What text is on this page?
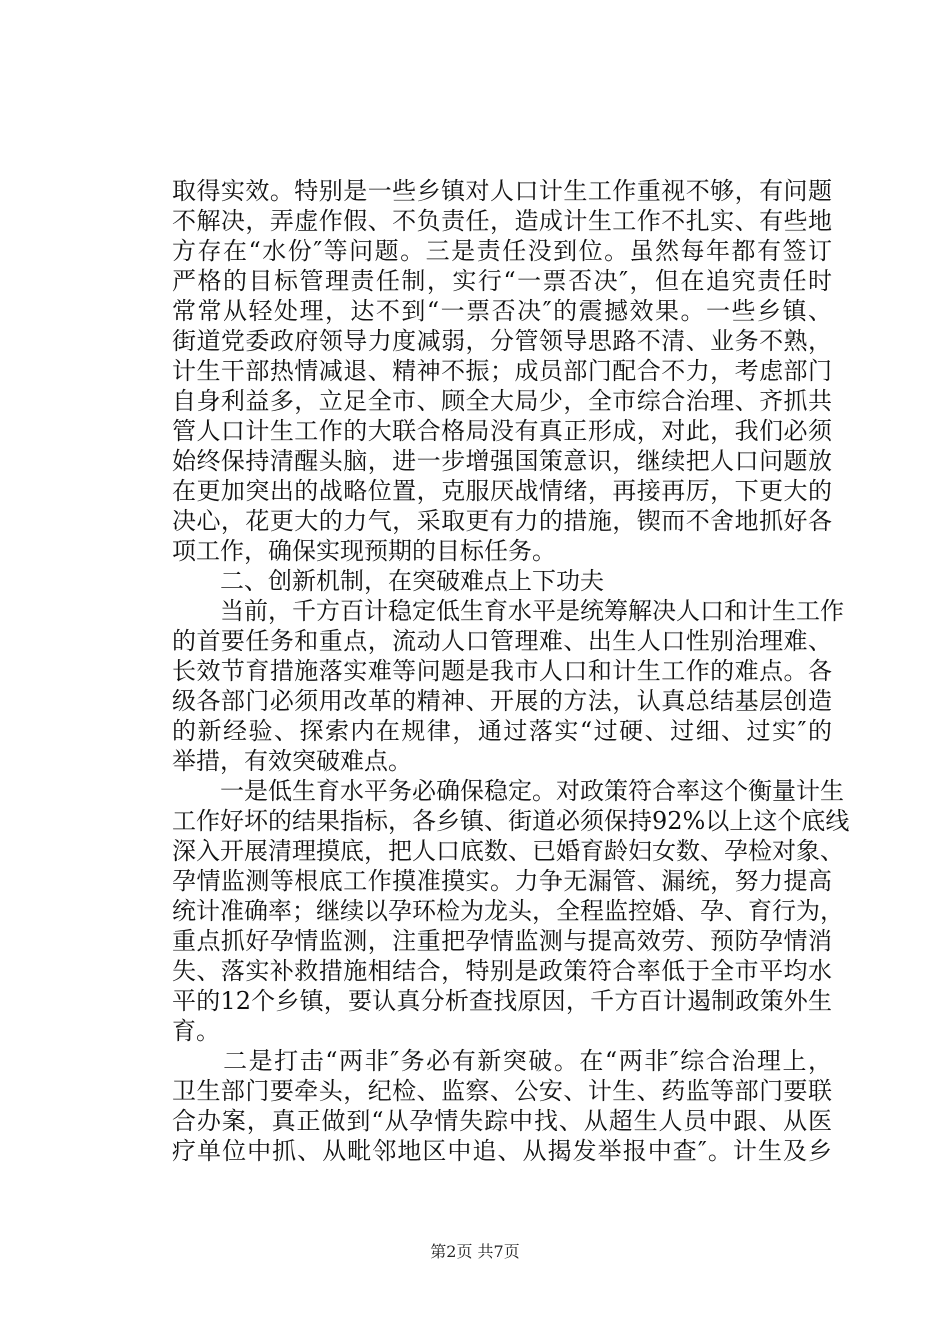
取得实效。特别是一些乡镇对人口计生工作重视不够，有问题
不解决，弄虚作假、不负责任，造成计生工作不扎实、有些地
方存在“水份″等问题。三是责任没到位。虽然每年都有签订
严格的目标管理责任制，实行“一票否决″，但在追究责任时
常常从轻处理，达不到“一票否决″的震撼效果。一些乡镇、
街道党委政府领导力度减弱，分管领导思路不清、业务不熟，
计生干部热情减退、精神不振；成员部门配合不力，考虑部门
自身利益多，立足全市、顾全大局少，全市综合治理、齐抓共
管人口计生工作的大联合格局没有真正形成，对此，我们必须
始终保持清醒头脑，进一步增强国策意识，继续把人口问题放
在更加突出的战略位置，克服厌战情绪，再接再厉，下更大的
决心，花更大的力气，采取更有力的措施，锲而不舍地抓好各
项工作，确保实现预期的目标任务。
　　二、创新机制，在突破难点上下功夫
　　当前，千方百计稳定低生育水平是统筹解决人口和计生工作
的首要任务和重点，流动人口管理难、出生人口性别治理难、
长效节育措施落实难等问题是我市人口和计生工作的难点。各
级各部门必须用改革的精神、开展的方法，认真总结基层创造
的新经验、探索内在规律，通过落实“过硬、过细、过实″的
举措，有效突破难点。
　　一是低生育水平务必确保稳定。对政策符合率这个衡量计生
工作好坏的结果指标，各乡镇、街道必须保持92%以上这个底线
深入开展清理摸底，把人口底数、已婚育龄妇女数、孕检对象、
孕情监测等根底工作摸准摸实。力争无漏管、漏统，努力提高
统计准确率；继续以孕环检为龙头，全程监控婚、孕、育行为，
重点抓好孕情监测，注重把孕情监测与提高效劳、预防孕情消
失、落实补救措施相结合，特别是政策符合率低于全市平均水
平的12个乡镇，要认真分析查找原因，千方百计遏制政策外生
育。
　　二是打击“两非″务必有新突破。在“两非″综合治理上，
卫生部门要牵头，纪检、监察、公安、计生、药监等部门要联
合办案，真正做到“从孕情失踪中找、从超生人员中跟、从医
疗单位中抓、从毗邻地区中追、从揭发举报中查″。计生及乡
第2页 共7页
